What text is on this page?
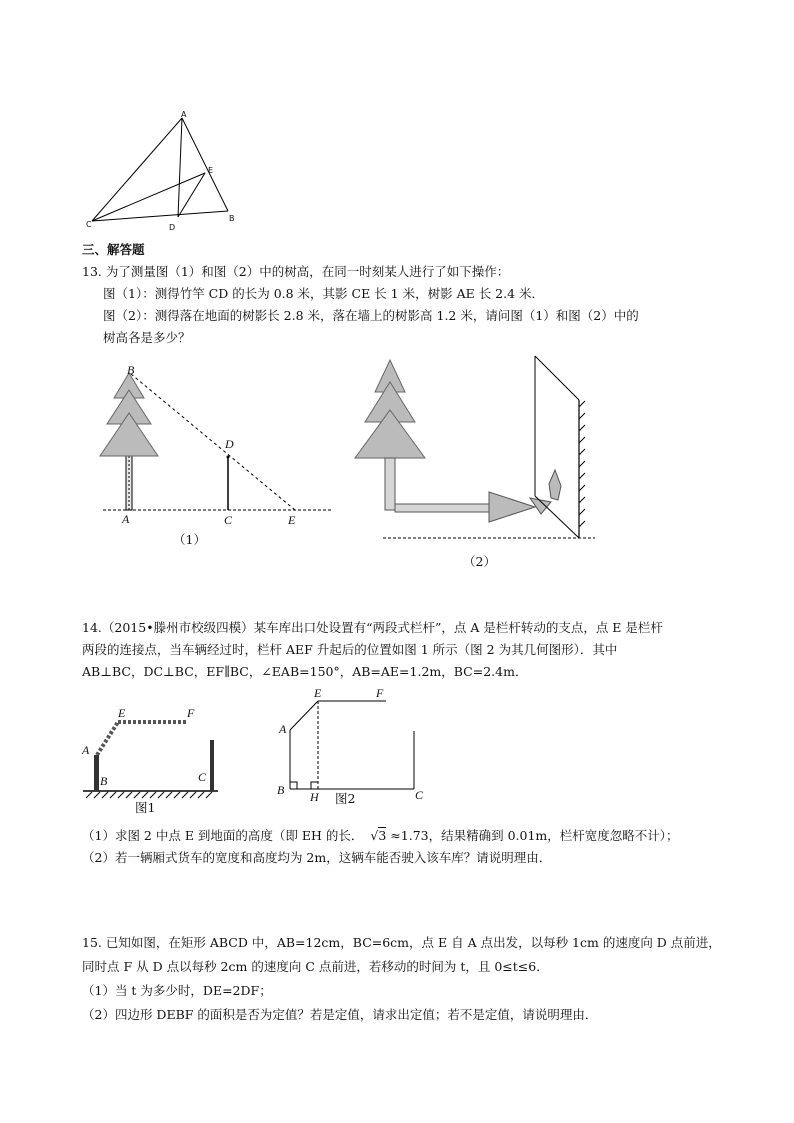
A
E
C	D
B
三、解答题
13. 为了测量图（1）和图（2）中的树高，在同一时刻某人进行了如下操作：
图（1）：测得竹竿 CD 的长为 0.8 米，其影 CE 长 1 米，树影 AE 长 2.4 米．
图（2）：测得落在地面的树影长 2.8 米，落在墙上的树影高 1.2 米，请问图（1）和图（2）中的
树高各是多少？
B
D
A	C	E
（1）
（2）
14.（2015•滕州市校级四模）某车库出口处设置有“两段式栏杆”，点 A 是栏杆转动的支点，点 E 是栏杆
两段的连接点，当车辆经过时，栏杆 AEF 升起后的位置如图 1 所示（图 2 为其几何图形）．其中
AB⊥BC，DC⊥BC，EF∥BC，∠EAB=150°，AB=AE=1.2m，BC=2.4m．
E	F
A
B	C
图1
E	F
A
B H	C
图2
（1）求图 2 中点 E 到地面的高度（即 EH 的长． √3 ≈1.73，结果精确到 0.01m，栏杆宽度忽略不计）；
（2）若一辆厢式货车的宽度和高度均为 2m，这辆车能否驶入该车库？请说明理由．
15. 已知如图，在矩形 ABCD 中，AB=12cm，BC=6cm，点 E 自 A 点出发，以每秒 1cm 的速度向 D 点前进，
同时点 F 从 D 点以每秒 2cm 的速度向 C 点前进，若移动的时间为 t，且 0≤t≤6．
（1）当 t 为多少时，DE=2DF；
（2）四边形 DEBF 的面积是否为定值？若是定值，请求出定值；若不是定值，请说明理由．
